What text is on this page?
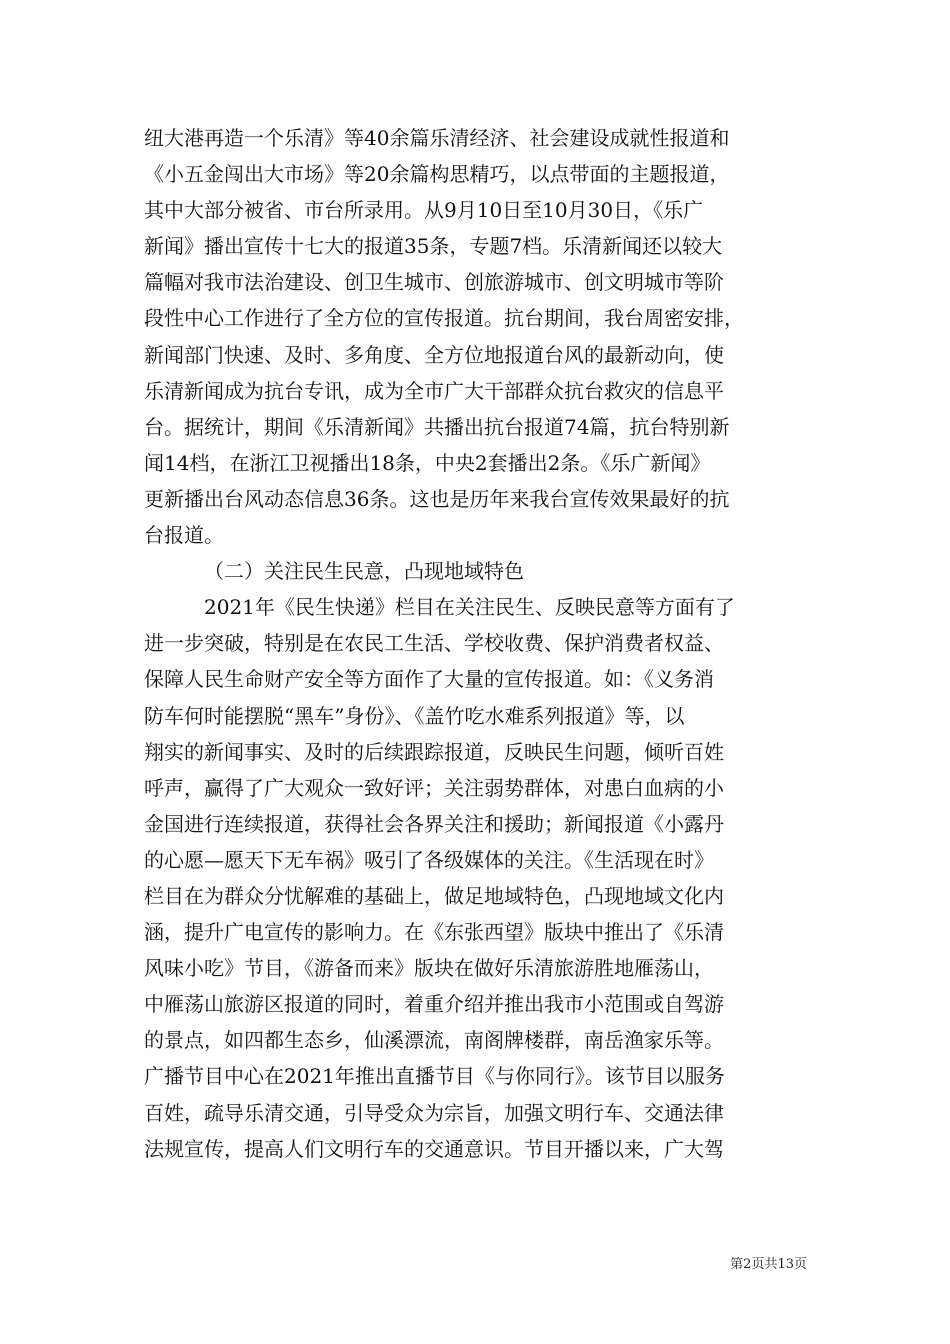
纽大港再造一个乐清》等40余篇乐清经济、社会建设成就性报道和
《小五金闯出大市场》等20余篇构思精巧，以点带面的主题报道，
其中大部分被省、市台所录用。从9月10日至10月30日，《乐广
新闻》播出宣传十七大的报道35条，专题7档。乐清新闻还以较大
篇幅对我市法治建设、创卫生城市、创旅游城市、创文明城市等阶
段性中心工作进行了全方位的宣传报道。抗台期间，我台周密安排，
新闻部门快速、及时、多角度、全方位地报道台风的最新动向，使
乐清新闻成为抗台专讯，成为全市广大干部群众抗台救灾的信息平
台。据统计，期间《乐清新闻》共播出抗台报道74篇，抗台特别新
闻14档，在浙江卫视播出18条，中央2套播出2条。《乐广新闻》
更新播出台风动态信息36条。这也是历年来我台宣传效果最好的抗
台报道。
（二）关注民生民意，凸现地域特色
2021年《民生快递》栏目在关注民生、反映民意等方面有了
进一步突破，特别是在农民工生活、学校收费、保护消费者权益、
保障人民生命财产安全等方面作了大量的宣传报道。如：《义务消
防车何时能摆脱“黑车”身份》、《盖竹吃水难系列报道》等，以
翔实的新闻事实、及时的后续跟踪报道，反映民生问题，倾听百姓
呼声，赢得了广大观众一致好评；关注弱势群体，对患白血病的小
金国进行连续报道，获得社会各界关注和援助；新闻报道《小露丹
的心愿—愿天下无车祸》吸引了各级媒体的关注。《生活现在时》
栏目在为群众分忧解难的基础上，做足地域特色，凸现地域文化内
涵，提升广电宣传的影响力。在《东张西望》版块中推出了《乐清
风味小吃》节目，《游备而来》版块在做好乐清旅游胜地雁荡山，
中雁荡山旅游区报道的同时，着重介绍并推出我市小范围或自驾游
的景点，如四都生态乡，仙溪漂流，南阁牌楼群，南岳渔家乐等。
广播节目中心在2021年推出直播节目《与你同行》。该节目以服务
百姓，疏导乐清交通，引导受众为宗旨，加强文明行车、交通法律
法规宣传，提高人们文明行车的交通意识。节目开播以来，广大驾
第2页共13页
